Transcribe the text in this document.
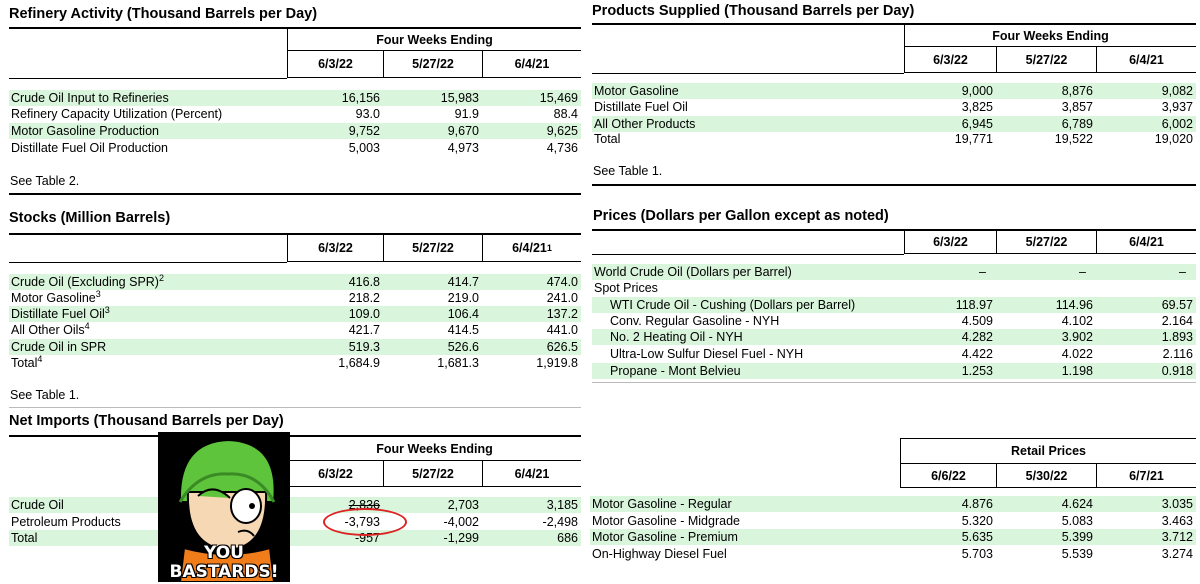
Refinery Activity (Thousand Barrels per Day)
Four Weeks Ending
6/3/22	5/27/22	6/4/21
Crude Oil Input to Refineries	16,156	15,983	15,469
Refinery Capacity Utilization (Percent)	93.0	91.9	88.4
Motor Gasoline Production	9,752	9,670	9,625
Distillate Fuel Oil Production	5,003	4,973	4,736
See Table 2.
Stocks (Million Barrels)
6/3/22	5/27/22	6/4/21 1
Crude Oil (Excluding SPR)$^2$	416.8	414.7	474.0
Motor Gasoline$^3$	218.2	219.0	241.0
Distillate Fuel Oil$^3$	109.0	106.4	137.2
All Other Oils$^4$	421.7	414.5	441.0
Crude Oil in SPR	519.3	526.6	626.5
Total$^4$	1,684.9	1,681.3	1,919.8
See Table 1.
Net Imports (Thousand Barrels per Day)
Four Weeks Ending
6/3/22	5/27/22	6/4/21
Crude Oil	2,836	2,703	3,185
Petroleum Products	-3,793	-4,002	-2,498
Total	-957	-1,299	686
YOU
BASTARDS!
Products Supplied (Thousand Barrels per Day)
Four Weeks Ending
6/3/22	5/27/22	6/4/21
Motor Gasoline	9,000	8,876	9,082
Distillate Fuel Oil	3,825	3,857	3,937
All Other Products	6,945	6,789	6,002
Total	19,771	19,522	19,020
See Table 1.
Prices (Dollars per Gallon except as noted)
6/3/22	5/27/22	6/4/21
World Crude Oil (Dollars per Barrel)	–	–	–
Spot Prices
WTI Crude Oil - Cushing (Dollars per Barrel)	118.97	114.96	69.57
Conv. Regular Gasoline - NYH	4.509	4.102	2.164
No. 2 Heating Oil - NYH	4.282	3.902	1.893
Ultra-Low Sulfur Diesel Fuel - NYH	4.422	4.022	2.116
Propane - Mont Belvieu	1.253	1.198	0.918
Retail Prices
6/6/22	5/30/22	6/7/21
Motor Gasoline - Regular	4.876	4.624	3.035
Motor Gasoline - Midgrade	5.320	5.083	3.463
Motor Gasoline - Premium	5.635	5.399	3.712
On-Highway Diesel Fuel	5.703	5.539	3.274
